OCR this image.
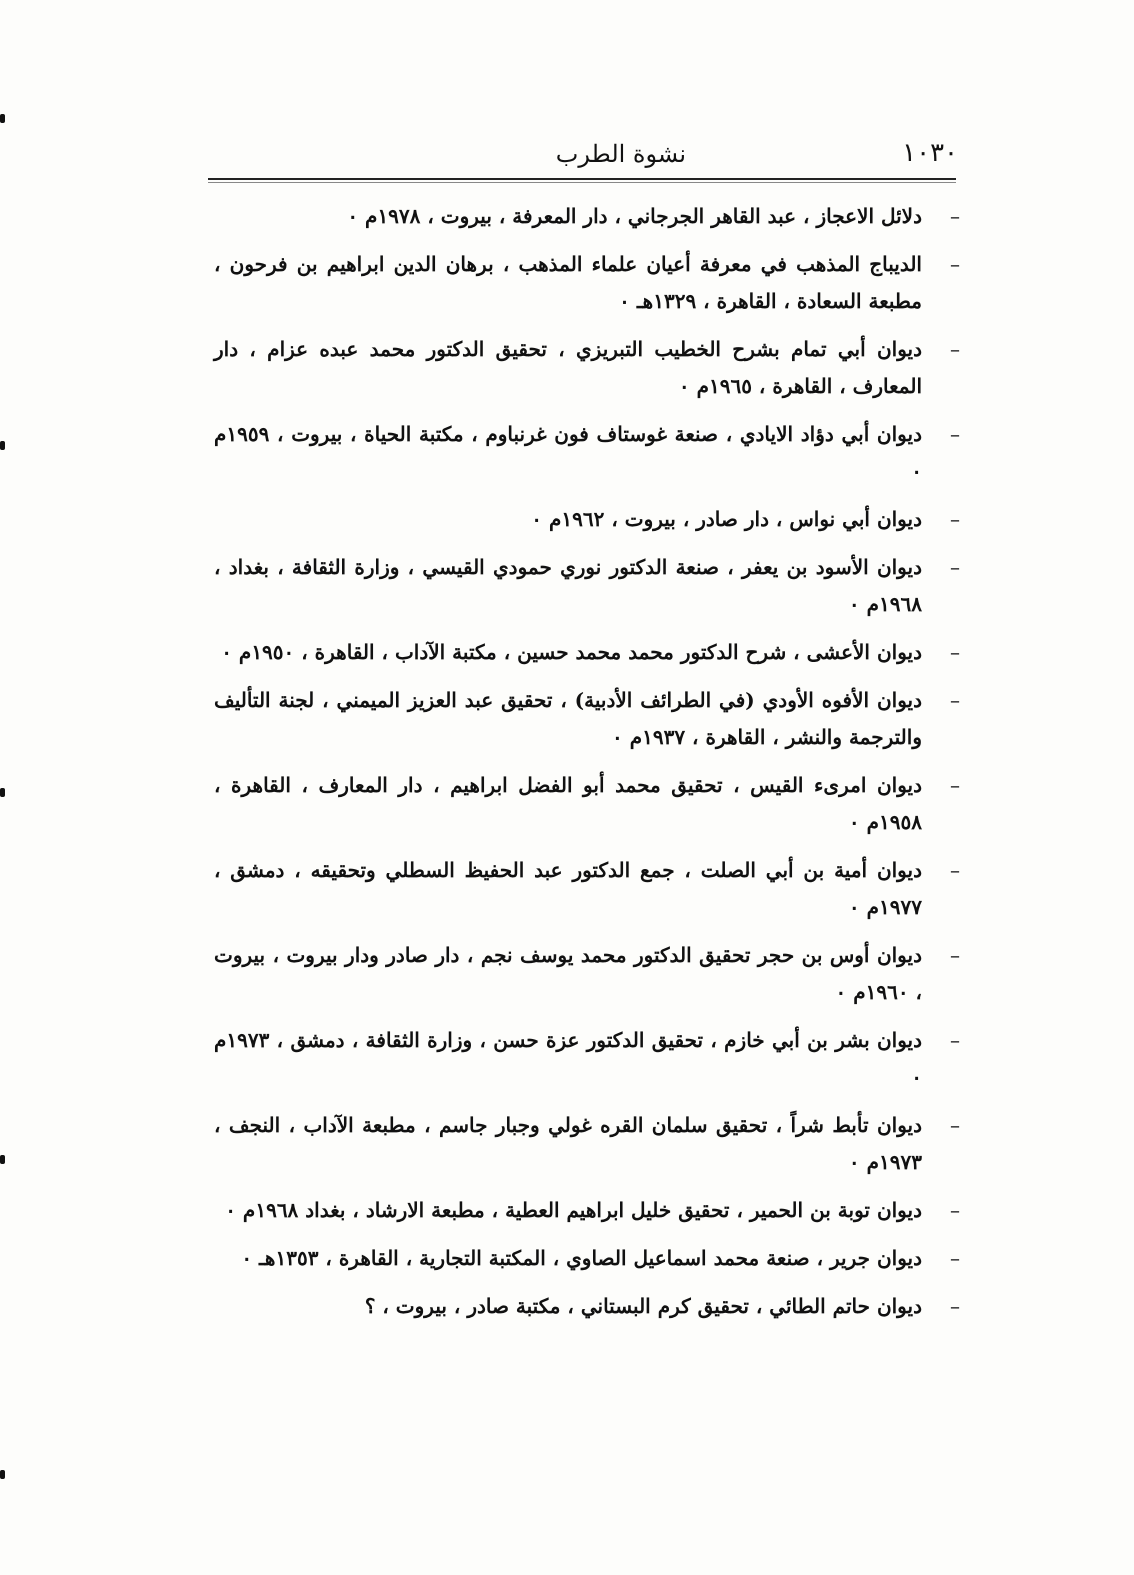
١٠٣٠
نشوة الطرب
– دلائل الاعجاز ، عبد القاهر الجرجاني ، دار المعرفة ، بيروت ، ١٩٧٨م ٠
– الديباج المذهب في معرفة أعيان علماء المذهب ، برهان الدين ابراهيم بن فرحون ، مطبعة السعادة ، القاهرة ، ١٣٢٩هـ ٠
– ديوان أبي تمام بشرح الخطيب التبريزي ، تحقيق الدكتور محمد عبده عزام ، دار المعارف ، القاهرة ، ١٩٦٥م ٠
– ديوان أبي دؤاد الايادي ، صنعة غوستاف فون غرنباوم ، مكتبة الحياة ، بيروت ، ١٩٥٩م ٠
– ديوان أبي نواس ، دار صادر ، بيروت ، ١٩٦٢م ٠
– ديوان الأسود بن يعفر ، صنعة الدكتور نوري حمودي القيسي ، وزارة الثقافة ، بغداد ، ١٩٦٨م ٠
– ديوان الأعشى ، شرح الدكتور محمد محمد حسين ، مكتبة الآداب ، القاهرة ، ١٩٥٠م ٠
– ديوان الأفوه الأودي (في الطرائف الأدبية) ، تحقيق عبد العزيز الميمني ، لجنة التأليف والترجمة والنشر ، القاهرة ، ١٩٣٧م ٠
– ديوان امرىء القيس ، تحقيق محمد أبو الفضل ابراهيم ، دار المعارف ، القاهرة ، ١٩٥٨م ٠
– ديوان أمية بن أبي الصلت ، جمع الدكتور عبد الحفيظ السطلي وتحقيقه ، دمشق ، ١٩٧٧م ٠
– ديوان أوس بن حجر تحقيق الدكتور محمد يوسف نجم ، دار صادر ودار بيروت ، بيروت ، ١٩٦٠م ٠
– ديوان بشر بن أبي خازم ، تحقيق الدكتور عزة حسن ، وزارة الثقافة ، دمشق ، ١٩٧٣م ٠
– ديوان تأبط شراً ، تحقيق سلمان القره غولي وجبار جاسم ، مطبعة الآداب ، النجف ، ١٩٧٣م ٠
– ديوان توبة بن الحمير ، تحقيق خليل ابراهيم العطية ، مطبعة الارشاد ، بغداد ١٩٦٨م ٠
– ديوان جرير ، صنعة محمد اسماعيل الصاوي ، المكتبة التجارية ، القاهرة ، ١٣٥٣هـ ٠
– ديوان حاتم الطائي ، تحقيق كرم البستاني ، مكتبة صادر ، بيروت ، ؟
